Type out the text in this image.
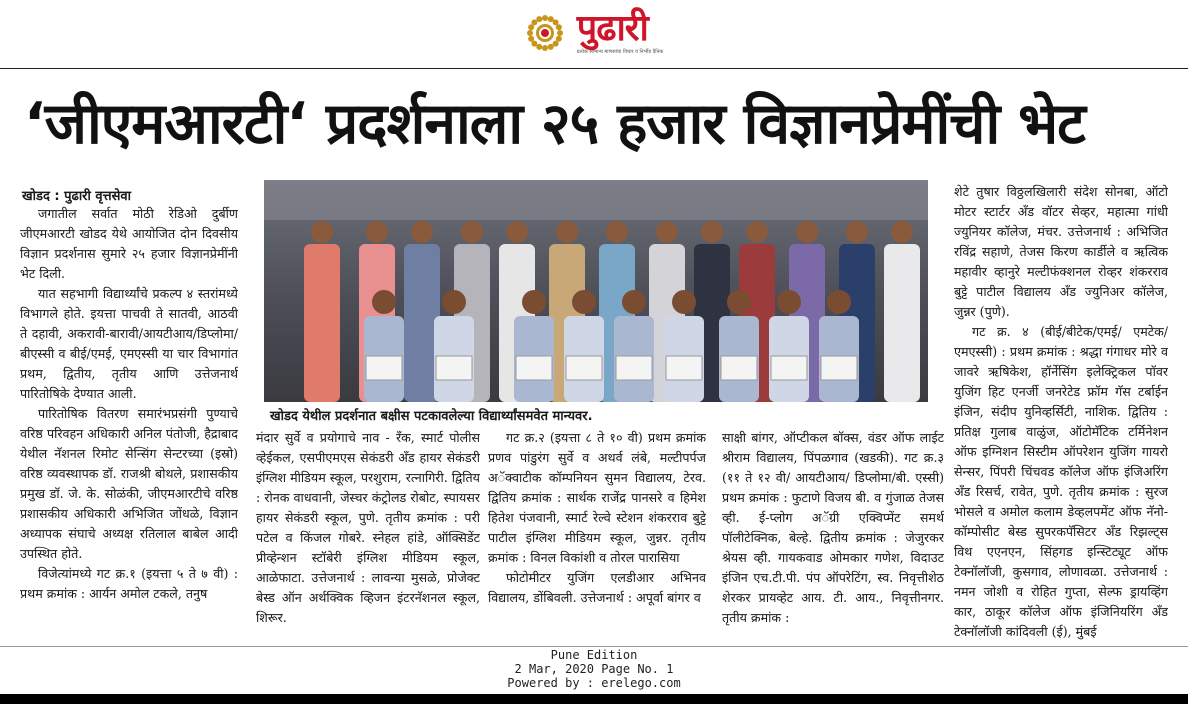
पुढारी
प्रत्येक सामान्य माणसांचा विचार व निर्भीड दैनिक
‘जीएमआरटी‘ प्रदर्शनाला २५ हजार विज्ञानप्रेमींची भेट
खोडद : पुढारी वृत्तसेवा

जगातील सर्वात मोठी रेडिओ दुर्बीण जीएमआरटी खोडद येथे आयोजित दोन दिवसीय विज्ञान प्रदर्शनास सुमारे २५ हजार विज्ञानप्रेमींनी भेट दिली.

यात सहभागी विद्यार्थ्यांचे प्रकल्प ४ स्तरांमध्ये विभागले होते. इयत्ता पाचवी ते सातवी, आठवी ते दहावी, अकरावी-बारावी/आयटीआय/डिप्लोमा/बीएस्सी व बीई/एमई, एमएस्सी या चार विभागांत प्रथम, द्वितीय, तृतीय आणि उत्तेजनार्थ पारितोषिके देण्यात आली.

पारितोषिक वितरण समारंभप्रसंगी पुण्याचे वरिष्ठ परिवहन अधिकारी अनिल पंतोजी, हैद्राबाद येथील नॅशनल रिमोट सेन्सिंग सेन्टरच्या (इस्रो) वरिष्ठ व्यवस्थापक डॉ. राजश्री बोथले, प्रशासकीय प्रमुख डॉ. जे. के. सोळंकी, जीएमआरटीचे वरिष्ठ प्रशासकीय अधिकारी अभिजित जोंधळे, विज्ञान अध्यापक संघाचे अध्यक्ष रतिलाल बाबेल आदी उपस्थित होते.

विजेत्यांमध्ये गट क्र.१ (इयत्ता ५ ते ७ वी) : प्रथम क्रमांक : आर्यन अमोल टकले, तनुष

खोडद येथील प्रदर्शनात बक्षीस पटकावलेल्या विद्यार्थ्यांसमवेत मान्यवर.

मंदार सुर्वे व प्रयोगाचे नाव - रँक, स्मार्ट पोलीस व्हेईकल, एसपीएमएस सेकंडरी अँड हायर सेकंडरी इंग्लिश मीडियम स्कूल, परशुराम, रत्नागिरी. द्वितिय : रोनक वाधवानी, जेस्चर कंट्रोलड रोबोट, स्पायसर हायर सेकंडरी स्कूल, पुणे. तृतीय क्रमांक : परी पटेल व किंजल गोबरे. स्नेहल हांडे, ऑक्सिडेंट प्रीव्हेन्शन स्टॉबेरी इंग्लिश मीडियम स्कूल, आळेफाटा. उत्तेजनार्थ : लावन्या मुसळे, प्रोजेक्ट बेस्ड ऑन अर्थक्विक व्हिजन इंटरनॅशनल स्कूल, शिरूर.

गट क्र.२ (इयत्ता ८ ते १० वी) प्रथम क्रमांक प्रणव पांडुरंग सुर्वे व अथर्व लंबे, मल्टीपर्पज अॅक्वाटीक कॉम्पनियन सुमन विद्यालय, टेरव. द्वितिय क्रमांक : सार्थक राजेंद्र पानसरे व हिमेश हितेश पंजवानी, स्मार्ट रेल्वे स्टेशन शंकरराव बुट्टे पाटील इंग्लिश मीडियम स्कूल, जुन्नर. तृतीय क्रमांक : विनल विकांशी व तोरल पारासिया

फोटोमीटर युजिंग एलडीआर अभिनव विद्यालय, डोंबिवली. उत्तेजनार्थ : अपूर्वा बांगर व

साक्षी बांगर, ऑप्टीकल बॉक्स, वंडर ऑफ लाईट श्रीराम विद्यालय, पिंपळगाव (खडकी). गट क्र.३ (११ ते १२ वी/ आयटीआय/ डिप्लोमा/बी. एस्सी) प्रथम क्रमांक : फुटाणे विजय बी. व गुंजाळ तेजस व्ही. ई-प्लोग अॅग्री एक्विप्मेंट समर्थ पॉलीटेक्निक, बेल्हे. द्वितीय क्रमांक : जेजुरकर श्रेयस व्ही. गायकवाड ओमकार गणेश, विदाउट इंजिन एच.टी.पी. पंप ऑपरेटिंग, स्व. निवृत्तीशेठ शेरकर प्रायव्हेट आय. टी. आय., निवृत्तीनगर. तृतीय क्रमांक :

शेटे तुषार विठ्ठलखिलारी संदेश सोनबा, ऑटो मोटर स्टार्टर अँड वॉटर सेव्हर, महात्मा गांधी ज्युनियर कॉलेज, मंचर. उत्तेजनार्थ : अभिजित रविंद्र सहाणे, तेजस किरण कार्डीले व ऋत्विक महावीर व्हानुरे मल्टीफंक्शनल रोव्हर शंकरराव बुट्टे पाटील विद्यालय अँड ज्युनिअर कॉलेज, जुन्नर (पुणे).

गट क्र. ४ (बीई/बीटेक/एमई/ एमटेक/ एमएस्सी) : प्रथम क्रमांक : श्रद्धा गंगाधर मोरे व जावरे ऋषिकेश, हॉर्नेसिंग इलेक्ट्रिकल पॉवर युजिंग हिट एनर्जी जनरेटेड फ्रॉम गॅस टर्बाईन इंजिन, संदीप युनिव्हर्सिटी, नाशिक. द्वितिय : प्रतिक्ष गुलाब वाळुंज, ऑटोमॅटिक टर्मिनेशन ऑफ इग्निशन सिस्टीम ऑपरेशन युजिंग गायरो सेन्सर, पिंपरी चिंचवड कॉलेज ऑफ इंजिअरिंग अँड रिसर्च, रावेत, पुणे. तृतीय क्रमांक : सुरज भोसले व अमोल कलाम डेव्हलपमेंट ऑफ नॅनो-कॉम्पोसीट बेस्ड सुपरकपॅसिटर अँड रिझल्ट्स विथ एएनएन, सिंहगड इन्स्टिट्यूट ऑफ टेक्नॉलॉजी, कुसगाव, लोणावळा. उत्तेजनार्थ : नमन जोशी व रोहित गुप्ता, सेल्फ ड्रायव्हिंग कार, ठाकूर कॉलेज ऑफ इंजिनियरिंग अँड टेक्नॉलॉजी कांदिवली (ई), मुंबई

Pune Edition
2 Mar, 2020 Page No. 1
Powered by : erelego.com
